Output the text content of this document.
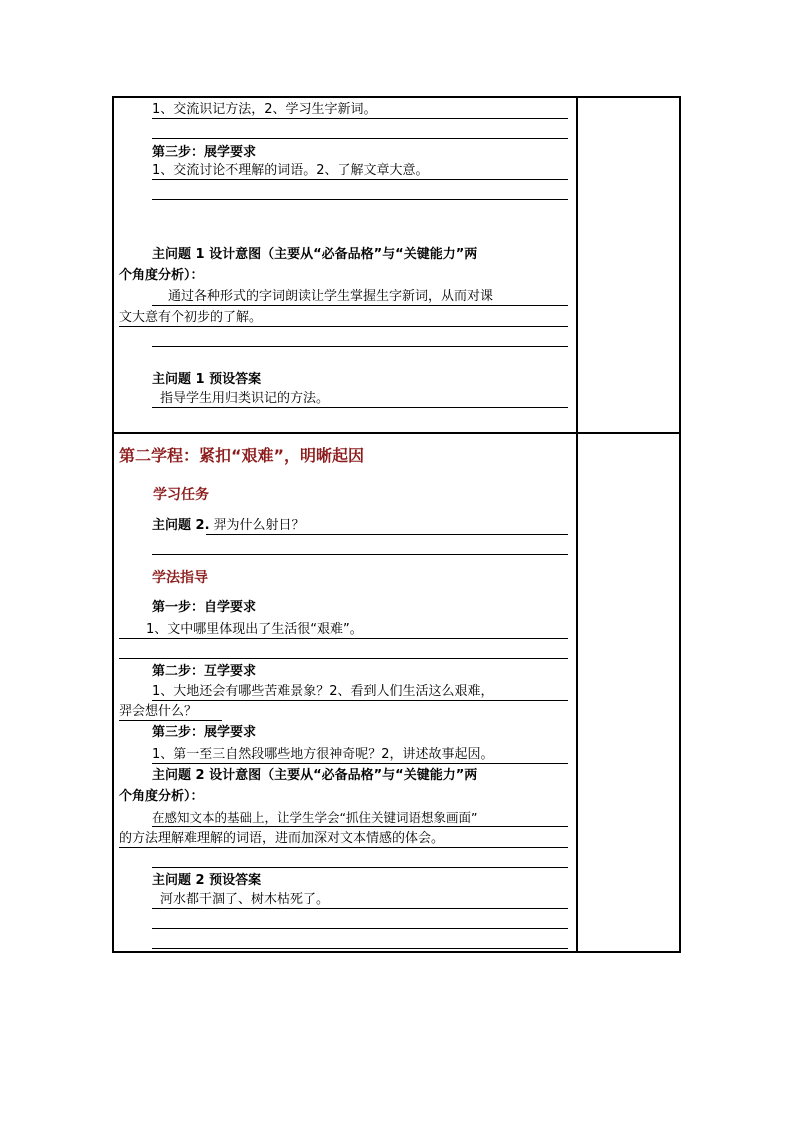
1、交流识记方法，2、学习生字新词。
第三步：展学要求
1、交流讨论不理解的词语。2、了解文章大意。
主问题 1 设计意图（主要从“必备品格”与“关键能力”两
个角度分析）：
通过各种形式的字词朗读让学生掌握生字新词，从而对课
文大意有个初步的了解。
主问题 1 预设答案
指导学生用归类识记的方法。
第二学程：紧扣“艰难”，明晰起因
学习任务
主问题 2. 羿为什么射日？
学法指导
第一步：自学要求
1、文中哪里体现出了生活很“艰难”。
第二步：互学要求
1、大地还会有哪些苦难景象？2、看到人们生活这么艰难，
羿会想什么？
第三步：展学要求
1、第一至三自然段哪些地方很神奇呢？2，讲述故事起因。
主问题 2 设计意图（主要从“必备品格”与“关键能力”两
个角度分析）：
在感知文本的基础上，让学生学会“抓住关键词语想象画面”
的方法理解难理解的词语，进而加深对文本情感的体会。
主问题 2 预设答案
河水都干涸了、树木枯死了。
